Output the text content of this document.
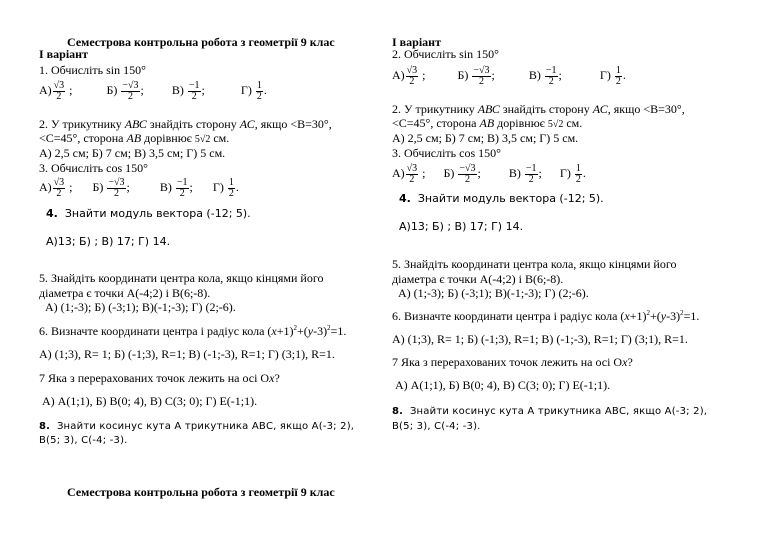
Семестрова контрольна робота з геометрії 9 клас
I варіант
1. Обчисліть sin 150°
$А) \frac{√3}{2}$ ;	$Б) \frac{-√3}{2}$ ; $В) \frac{-1}{2}$ ;	$Г) \frac{1}{2}$ .
2. У трикутнику АВС знайдіть сторону АС, якщо <B=30°,
<C=45°, сторона АВ дорівнює 5√2 см.
А) 2,5 см; Б) 7 см; В) 3,5 см; Г) 5 см.
3. Обчисліть cos 150°
$А) \frac{√3}{2}$ ; $Б) \frac{-√3}{2}$ ;	$В) \frac{-1}{2}$ ; $Г) \frac{1}{2}$ .
4. Знайти модуль вектора (-12; 5).
А)13; Б) ; В) 17; Г) 14.
5. Знайдіть координати центра кола, якщо кінцями його
діаметра є точки А(-4;2) і В(6;-8).
А) (1;-3); Б) (-3;1); В)(-1;-3); Г) (2;-6).
6. Визначте координати центра і радіус кола $(x+1)^2+(y-3)^2=1$.
А) (1;3), R= 1; Б) (-1;3), R=1; В) (-1;-3), R=1; Г) (3;1), R=1.
7 Яка з перерахованих точок лежить на осі Оx?
А) А(1;1), Б) В(0; 4), В) С(3; 0); Г) Е(-1;1).
8. Знайти косинус кута А трикутника АВС, якщо А(-3; 2),
В(5; 3), С(-4; -3).
Семестрова контрольна робота з геометрії 9 клас
I варіант
2. Обчисліть sin 150°
$А) \frac{√3}{2}$ ;	$Б) \frac{-√3}{2}$ ;	$В) \frac{-1}{2}$ ;	$Г) \frac{1}{2}$ .
2. У трикутнику АВС знайдіть сторону АС, якщо <B=30°,
<C=45°, сторона АВ дорівнює 5√2 см.
А) 2,5 см; Б) 7 см; В) 3,5 см; Г) 5 см.
3. Обчисліть cos 150°
$А) \frac{√3}{2}$ ; $Б) \frac{-√3}{2}$ ; $В) \frac{-1}{2}$ ; $Г) \frac{1}{2}$ .
4. Знайти модуль вектора (-12; 5).
А)13; Б) ; В) 17; Г) 14.
5. Знайдіть координати центра кола, якщо кінцями його
діаметра є точки А(-4;2) і В(6;-8).
А) (1;-3); Б) (-3;1); В)(-1;-3); Г) (2;-6).
6. Визначте координати центра і радіус кола $(x+1)^2+(y-3)^2=1$.
А) (1;3), R= 1; Б) (-1;3), R=1; В) (-1;-3), R=1; Г) (3;1), R=1.
7 Яка з перерахованих точок лежить на осі Оx?
А) А(1;1), Б) В(0; 4), В) С(3; 0); Г) Е(-1;1).
8. Знайти косинус кута А трикутника АВС, якщо А(-3; 2),
В(5; 3), С(-4; -3).
